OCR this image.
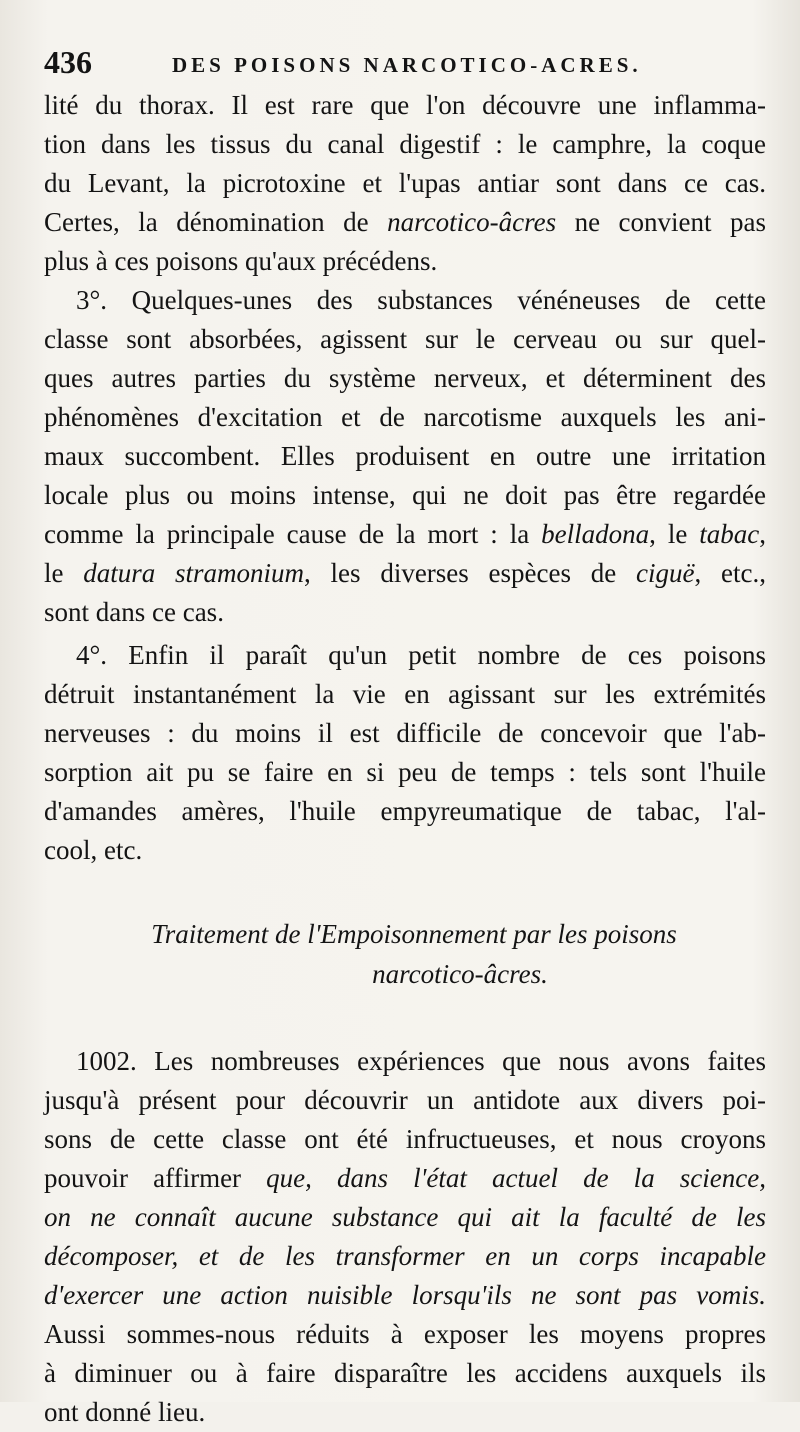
436	DES POISONS NARCOTICO-ACRES.
lité du thorax. Il est rare que l'on découvre une inflamma-
tion dans les tissus du canal digestif : le camphre, la coque
du Levant, la picrotoxine et l'upas antiar sont dans ce cas.
Certes, la dénomination de narcotico-âcres ne convient pas
plus à ces poisons qu'aux précédens.
3°. Quelques-unes des substances vénéneuses de cette
classe sont absorbées, agissent sur le cerveau ou sur quel-
ques autres parties du système nerveux, et déterminent des
phénomènes d'excitation et de narcotisme auxquels les ani-
maux succombent. Elles produisent en outre une irritation
locale plus ou moins intense, qui ne doit pas être regardée
comme la principale cause de la mort : la belladona, le tabac,
le datura stramonium, les diverses espèces de ciguë, etc.,
sont dans ce cas.
4°. Enfin il paraît qu'un petit nombre de ces poisons
détruit instantanément la vie en agissant sur les extrémités
nerveuses : du moins il est difficile de concevoir que l'ab-
sorption ait pu se faire en si peu de temps : tels sont l'huile
d'amandes amères, l'huile empyreumatique de tabac, l'al-
cool, etc.
Traitement de l'Empoisonnement par les poisons
narcotico-âcres.
1002. Les nombreuses expériences que nous avons faites
jusqu'à présent pour découvrir un antidote aux divers poi-
sons de cette classe ont été infructueuses, et nous croyons
pouvoir affirmer que, dans l'état actuel de la science,
on ne connaît aucune substance qui ait la faculté de les
décomposer, et de les transformer en un corps incapable
d'exercer une action nuisible lorsqu'ils ne sont pas vomis.
Aussi sommes-nous réduits à exposer les moyens propres
à diminuer ou à faire disparaître les accidens auxquels ils
ont donné lieu.
